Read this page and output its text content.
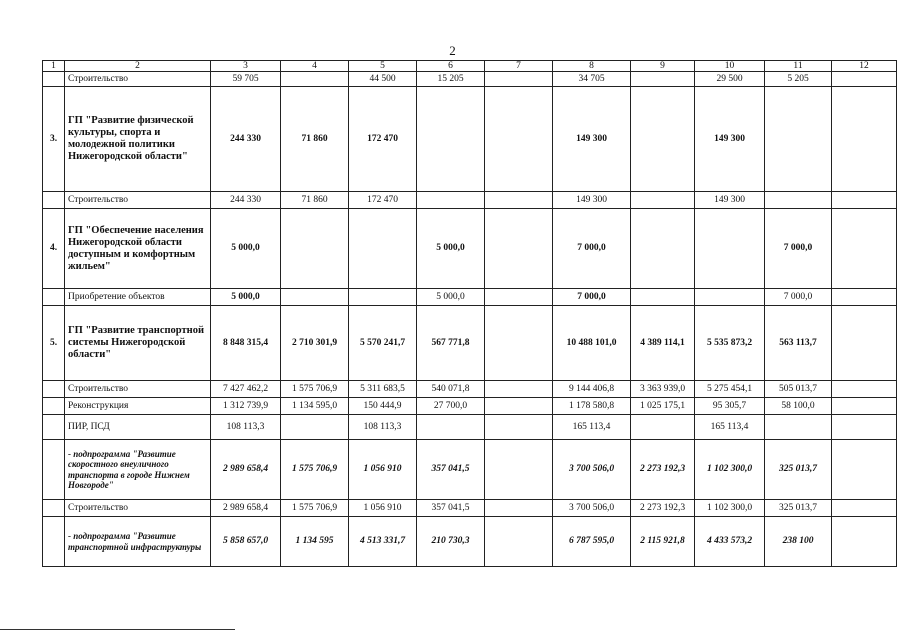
2
1	2	3	4	5	6	7	8	9	10	11	12
	Строительство	59 705		44 500	15 205		34 705		29 500	5 205	
3.	ГП "Развитие физической культуры, спорта и молодежной политики Нижегородской области"	244 330	71 860	172 470			149 300		149 300		
	Строительство	244 330	71 860	172 470			149 300		149 300		
4.	ГП "Обеспечение населения Нижегородской области доступным и комфортным жильем"	5 000,0			5 000,0		7 000,0			7 000,0	
	Приобретение объектов	5 000,0			5 000,0		7 000,0			7 000,0	
5.	ГП "Развитие транспортной системы Нижегородской области"	8 848 315,4	2 710 301,9	5 570 241,7	567 771,8		10 488 101,0	4 389 114,1	5 535 873,2	563 113,7	
	Строительство	7 427 462,2	1 575 706,9	5 311 683,5	540 071,8		9 144 406,8	3 363 939,0	5 275 454,1	505 013,7	
	Реконструкция	1 312 739,9	1 134 595,0	150 444,9	27 700,0		1 178 580,8	1 025 175,1	95 305,7	58 100,0	
	ПИР, ПСД	108 113,3		108 113,3			165 113,4		165 113,4		
	- подпрограмма "Развитие скоростного внеуличного транспорта в городе Нижнем Новгороде"	2 989 658,4	1 575 706,9	1 056 910	357 041,5		3 700 506,0	2 273 192,3	1 102 300,0	325 013,7	
	Строительство	2 989 658,4	1 575 706,9	1 056 910	357 041,5		3 700 506,0	2 273 192,3	1 102 300,0	325 013,7	
	- подпрограмма "Развитие транспортной инфраструктуры	5 858 657,0	1 134 595	4 513 331,7	210 730,3		6 787 595,0	2 115 921,8	4 433 573,2	238 100	
